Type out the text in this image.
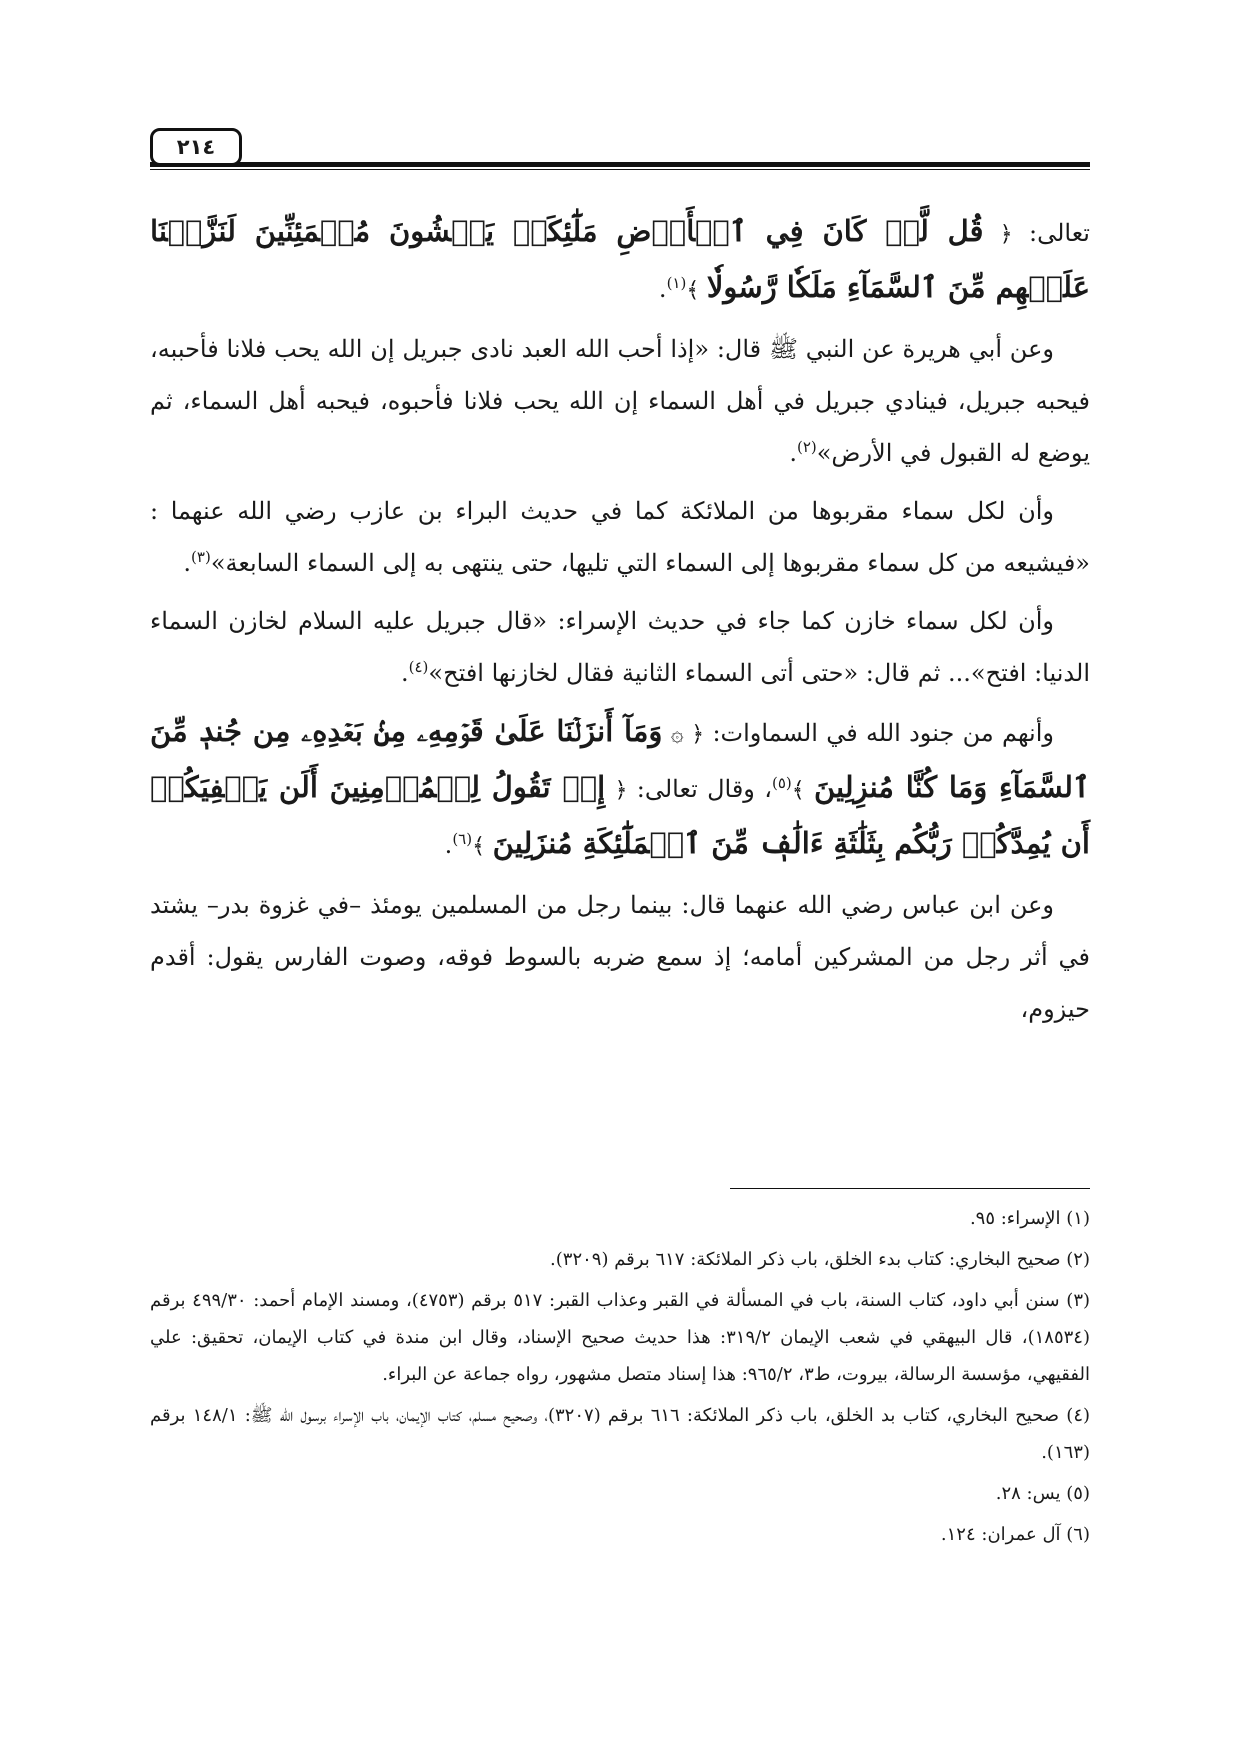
٢١٤

تعالى: ﴿ قُل لَّوۡ كَانَ فِي ٱلۡأَرۡضِ مَلَٰٓئِكَةٞ يَمۡشُونَ مُطۡمَئِنِّينَ لَنَزَّلۡنَا عَلَيۡهِم مِّنَ ٱلسَّمَآءِ مَلَكٗا رَّسُولٗا ﴾$^{(١)}$.

وعن أبي هريرة عن النبي ﷺ قال: «إذا أحب الله العبد نادى جبريل إن الله يحب فلانا فأحببه، فيحبه جبريل، فينادي جبريل في أهل السماء إن الله يحب فلانا فأحبوه، فيحبه أهل السماء، ثم يوضع له القبول في الأرض»$^{(٢)}$.

وأن لكل سماء مقربوها من الملائكة كما في حديث البراء بن عازب رضي الله عنهما : «فيشيعه من كل سماء مقربوها إلى السماء التي تليها، حتى ينتهى به إلى السماء السابعة»$^{(٣)}$.

وأن لكل سماء خازن كما جاء في حديث الإسراء: «قال جبريل عليه السلام لخازن السماء الدنيا: افتح»... ثم قال: «حتى أتى السماء الثانية فقال لخازنها افتح»$^{(٤)}$.

وأنهم من جنود الله في السماوات: ﴿ ۞ وَمَآ أَنزَلۡنَا عَلَىٰ قَوۡمِهِۦ مِنۢ بَعۡدِهِۦ مِن جُندٖ مِّنَ ٱلسَّمَآءِ وَمَا كُنَّا مُنزِلِينَ ﴾$^{(٥)}$، وقال تعالى: ﴿ إِذۡ تَقُولُ لِلۡمُؤۡمِنِينَ أَلَن يَكۡفِيَكُمۡ أَن يُمِدَّكُمۡ رَبُّكُم بِثَلَٰثَةِ ءَالَٰفٖ مِّنَ ٱلۡمَلَٰٓئِكَةِ مُنزَلِينَ ﴾$^{(٦)}$.

وعن ابن عباس رضي الله عنهما قال: بينما رجل من المسلمين يومئذ –في غزوة بدر– يشتد في أثر رجل من المشركين أمامه؛ إذ سمع ضربه بالسوط فوقه، وصوت الفارس يقول: أقدم حيزوم،

(١) الإسراء: ٩٥.
(٢) صحيح البخاري: كتاب بدء الخلق، باب ذكر الملائكة: ٦١٧ برقم (٣٢٠٩).
(٣) سنن أبي داود، كتاب السنة، باب في المسألة في القبر وعذاب القبر: ٥١٧ برقم (٤٧٥٣)، ومسند الإمام أحمد: ٤٩٩/٣٠ برقم (١٨٥٣٤)، قال البيهقي في شعب الإيمان ٣١٩/٢: هذا حديث صحيح الإسناد، وقال ابن مندة في كتاب الإيمان، تحقيق: علي الفقيهي، مؤسسة الرسالة، بيروت، ط٣، ٩٦٥/٢: هذا إسناد متصل مشهور، رواه جماعة عن البراء.
(٤) صحيح البخاري، كتاب بد الخلق، باب ذكر الملائكة: ٦١٦ برقم (٣٢٠٧)، وصحيح مسلم، كتاب الإيمان، باب الإسراء برسول الله ﷺ: ١٤٨/١ برقم (١٦٣).
(٥) يس: ٢٨.
(٦) آل عمران: ١٢٤.
